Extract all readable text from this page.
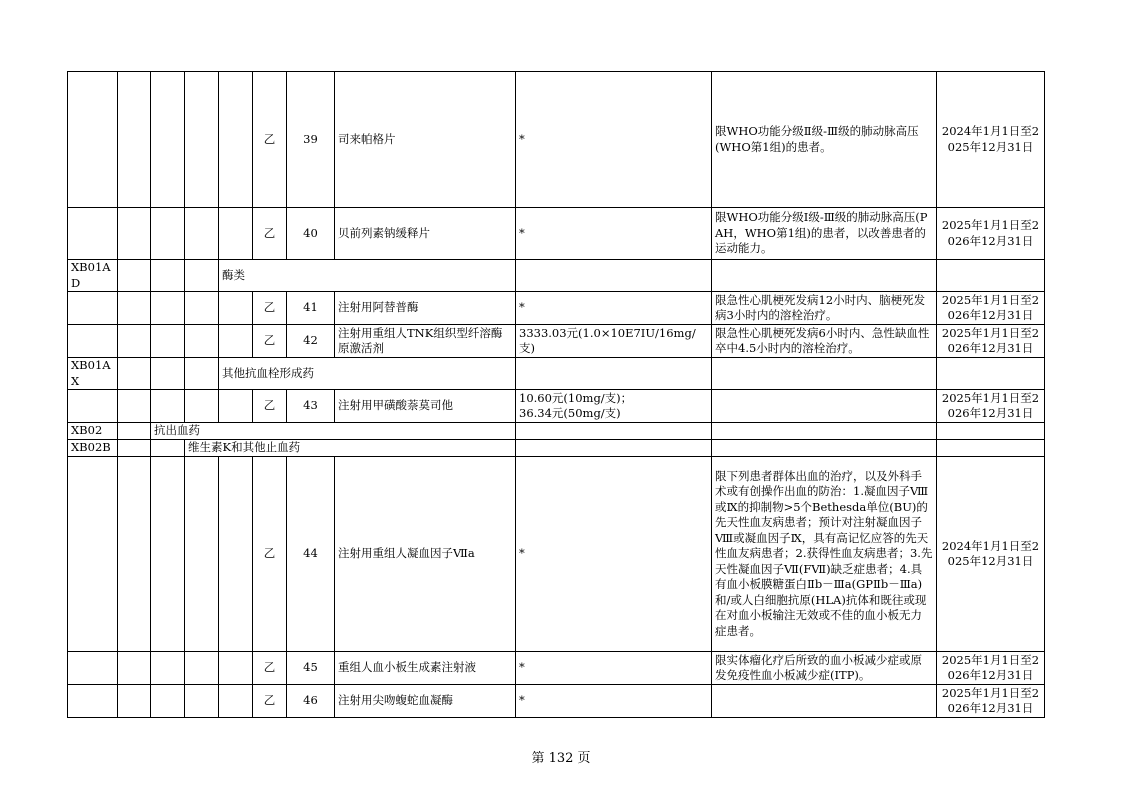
					乙	39	司来帕格片	*	限WHO功能分级Ⅱ级-Ⅲ级的肺动脉高压(WHO第1组)的患者。	2024年1月1日至2025年12月31日
					乙	40	贝前列素钠缓释片	*	限WHO功能分级Ⅰ级-Ⅲ级的肺动脉高压(PAH，WHO第1组)的患者，以改善患者的运动能力。	2025年1月1日至2026年12月31日
XB01AD				酶类						
					乙	41	注射用阿替普酶	*	限急性心肌梗死发病12小时内、脑梗死发病3小时内的溶栓治疗。	2025年1月1日至2026年12月31日
					乙	42	注射用重组人TNK组织型纤溶酶原激活剂	3333.03元(1.0×10E7IU/16mg/支)	限急性心肌梗死发病6小时内、急性缺血性卒中4.5小时内的溶栓治疗。	2025年1月1日至2026年12月31日
XB01AX				其他抗血栓形成药						
					乙	43	注射用甲磺酸萘莫司他	10.60元(10mg/支)；
36.34元(50mg/支)		2025年1月1日至2026年12月31日
XB02		抗出血药								
XB02B			维生素K和其他止血药							
					乙	44	注射用重组人凝血因子Ⅶa	*	限下列患者群体出血的治疗，以及外科手术或有创操作出血的防治：1.凝血因子Ⅷ或Ⅸ的抑制物>5个Bethesda单位(BU)的先天性血友病患者；预计对注射凝血因子Ⅷ或凝血因子Ⅸ，具有高记忆应答的先天性血友病患者；2.获得性血友病患者；3.先天性凝血因子Ⅶ(FⅦ)缺乏症患者；4.具有血小板膜糖蛋白Ⅱb－Ⅲa(GPⅡb－Ⅲa)和/或人白细胞抗原(HLA)抗体和既往或现在对血小板输注无效或不佳的血小板无力症患者。	2024年1月1日至2025年12月31日
					乙	45	重组人血小板生成素注射液	*	限实体瘤化疗后所致的血小板减少症或原发免疫性血小板减少症(ITP)。	2025年1月1日至2026年12月31日
					乙	46	注射用尖吻蝮蛇血凝酶	*		2025年1月1日至2026年12月31日
第 132 页
